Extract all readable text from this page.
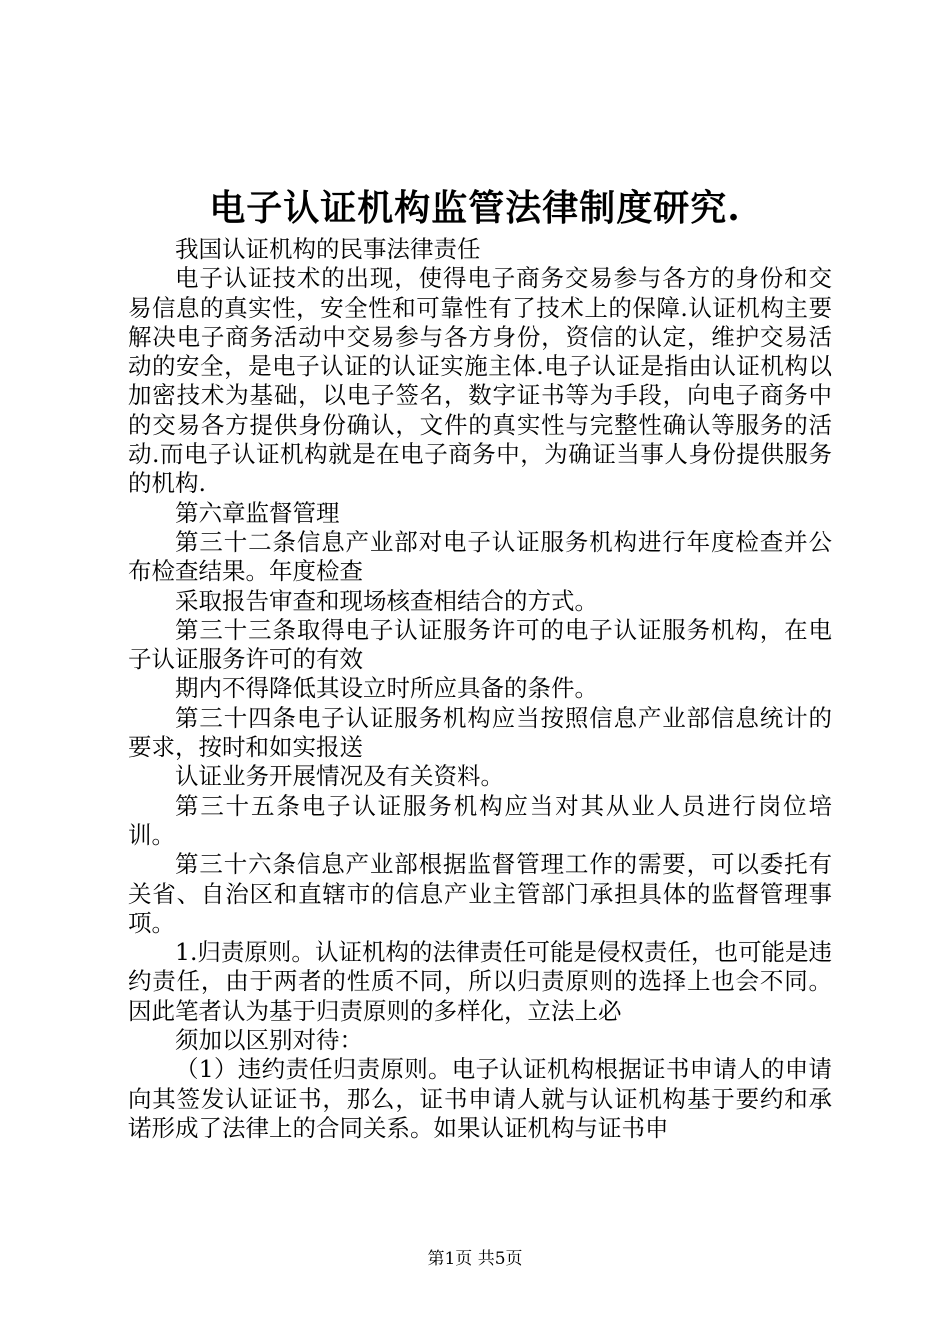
电子认证机构监管法律制度研究.

我国认证机构的民事法律责任

电子认证技术的出现，使得电子商务交易参与各方的身份和交易信息的真实性，安全性和可靠性有了技术上的保障.认证机构主要解决电子商务活动中交易参与各方身份，资信的认定，维护交易活动的安全，是电子认证的认证实施主体.电子认证是指由认证机构以加密技术为基础，以电子签名，数字证书等为手段，向电子商务中的交易各方提供身份确认，文件的真实性与完整性确认等服务的活动.而电子认证机构就是在电子商务中，为确证当事人身份提供服务的机构.

第六章监督管理

第三十二条信息产业部对电子认证服务机构进行年度检查并公布检查结果。年度检查

采取报告审查和现场核查相结合的方式。

第三十三条取得电子认证服务许可的电子认证服务机构，在电子认证服务许可的有效

期内不得降低其设立时所应具备的条件。

第三十四条电子认证服务机构应当按照信息产业部信息统计的要求，按时和如实报送

认证业务开展情况及有关资料。

第三十五条电子认证服务机构应当对其从业人员进行岗位培训。

第三十六条信息产业部根据监督管理工作的需要，可以委托有关省、自治区和直辖市的信息产业主管部门承担具体的监督管理事项。

1.归责原则。认证机构的法律责任可能是侵权责任，也可能是违约责任，由于两者的性质不同，所以归责原则的选择上也会不同。因此笔者认为基于归责原则的多样化，立法上必

须加以区别对待：

（1）违约责任归责原则。电子认证机构根据证书申请人的申请向其签发认证证书，那么，证书申请人就与认证机构基于要约和承诺形成了法律上的合同关系。如果认证机构与证书申

第1页 共5页
